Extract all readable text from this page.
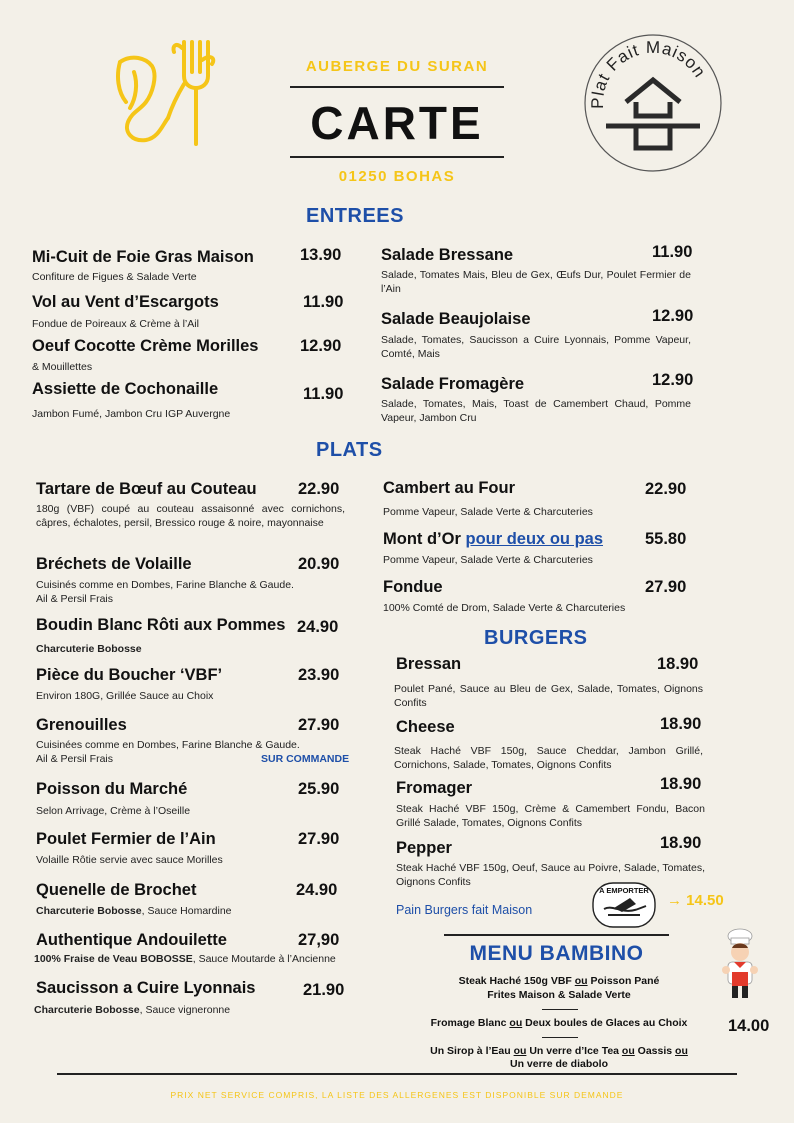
AUBERGE DU SURAN
CARTE
01250 BOHAS
Plat Fait Maison
ENTREES
Mi-Cuit de Foie Gras Maison	13.90
Confiture de Figues & Salade Verte
Vol au Vent d’Escargots	11.90
Fondue de Poireaux & Crème à l’Ail
Oeuf Cocotte Crème Morilles	12.90
& Mouillettes
Assiette de Cochonaille	11.90
Jambon Fumé, Jambon Cru IGP Auvergne
Salade Bressane	11.90
Salade, Tomates Mais, Bleu de Gex, Œufs Dur, Poulet Fermier de l’Ain
Salade Beaujolaise	12.90
Salade, Tomates, Saucisson a Cuire Lyonnais, Pomme Vapeur, Comté, Mais
Salade Fromagère	12.90
Salade, Tomates, Mais, Toast de Camembert Chaud, Pomme Vapeur, Jambon Cru
PLATS
Tartare de Bœuf au Couteau	22.90
180g (VBF) coupé au couteau assaisonné avec cornichons, câpres, échalotes, persil, Bressico rouge & noire, mayonnaise
Bréchets de Volaille	20.90
Cuisinés comme en Dombes, Farine Blanche & Gaude.
Ail & Persil Frais
Boudin Blanc Rôti aux Pommes 24.90
Charcuterie Bobosse
Pièce du Boucher ‘VBF’	23.90
Environ 180G, Grillée Sauce au Choix
Grenouilles	27.90
Cuisinées comme en Dombes, Farine Blanche & Gaude.
Ail & Persil Frais	SUR COMMANDE
Poisson du Marché	25.90
Selon Arrivage, Crème à l’Oseille
Poulet Fermier de l’Ain	27.90
Volaille Rôtie servie avec sauce Morilles
Quenelle de Brochet	24.90
Charcuterie Bobosse, Sauce Homardine
Authentique Andouilette	27,90
100% Fraise de Veau BOBOSSE, Sauce Moutarde à l’Ancienne
Saucisson a Cuire Lyonnais	21.90
Charcuterie Bobosse, Sauce vigneronne
Cambert au Four	22.90
Pomme Vapeur, Salade Verte & Charcuteries
Mont d’Or pour deux ou pas	55.80
Pomme Vapeur, Salade Verte & Charcuteries
Fondue	27.90
100% Comté de Drom, Salade Verte & Charcuteries
BURGERS
Bressan	18.90
Poulet Pané, Sauce au Bleu de Gex, Salade, Tomates, Oignons Confits
Cheese	18.90
Steak Haché VBF 150g, Sauce Cheddar, Jambon Grillé, Cornichons, Salade, Tomates, Oignons Confits
Fromager	18.90
Steak Haché VBF 150g, Crème & Camembert Fondu, Bacon Grillé Salade, Tomates, Oignons Confits
Pepper	18.90
Steak Haché VBF 150g, Oeuf, Sauce au Poivre, Salade, Tomates, Oignons Confits
Pain Burgers fait Maison
A EMPORTER
→ 14.50
MENU BAMBINO
Steak Haché 150g VBF ou Poisson Pané
Frites Maison & Salade Verte
Fromage Blanc ou Deux boules de Glaces au Choix	14.00
Un Sirop à l’Eau ou Un verre d’Ice Tea ou Oassis ou
Un verre de diabolo
PRIX NET SERVICE COMPRIS, LA LISTE DES ALLERGENES EST DISPONIBLE SUR DEMANDE
